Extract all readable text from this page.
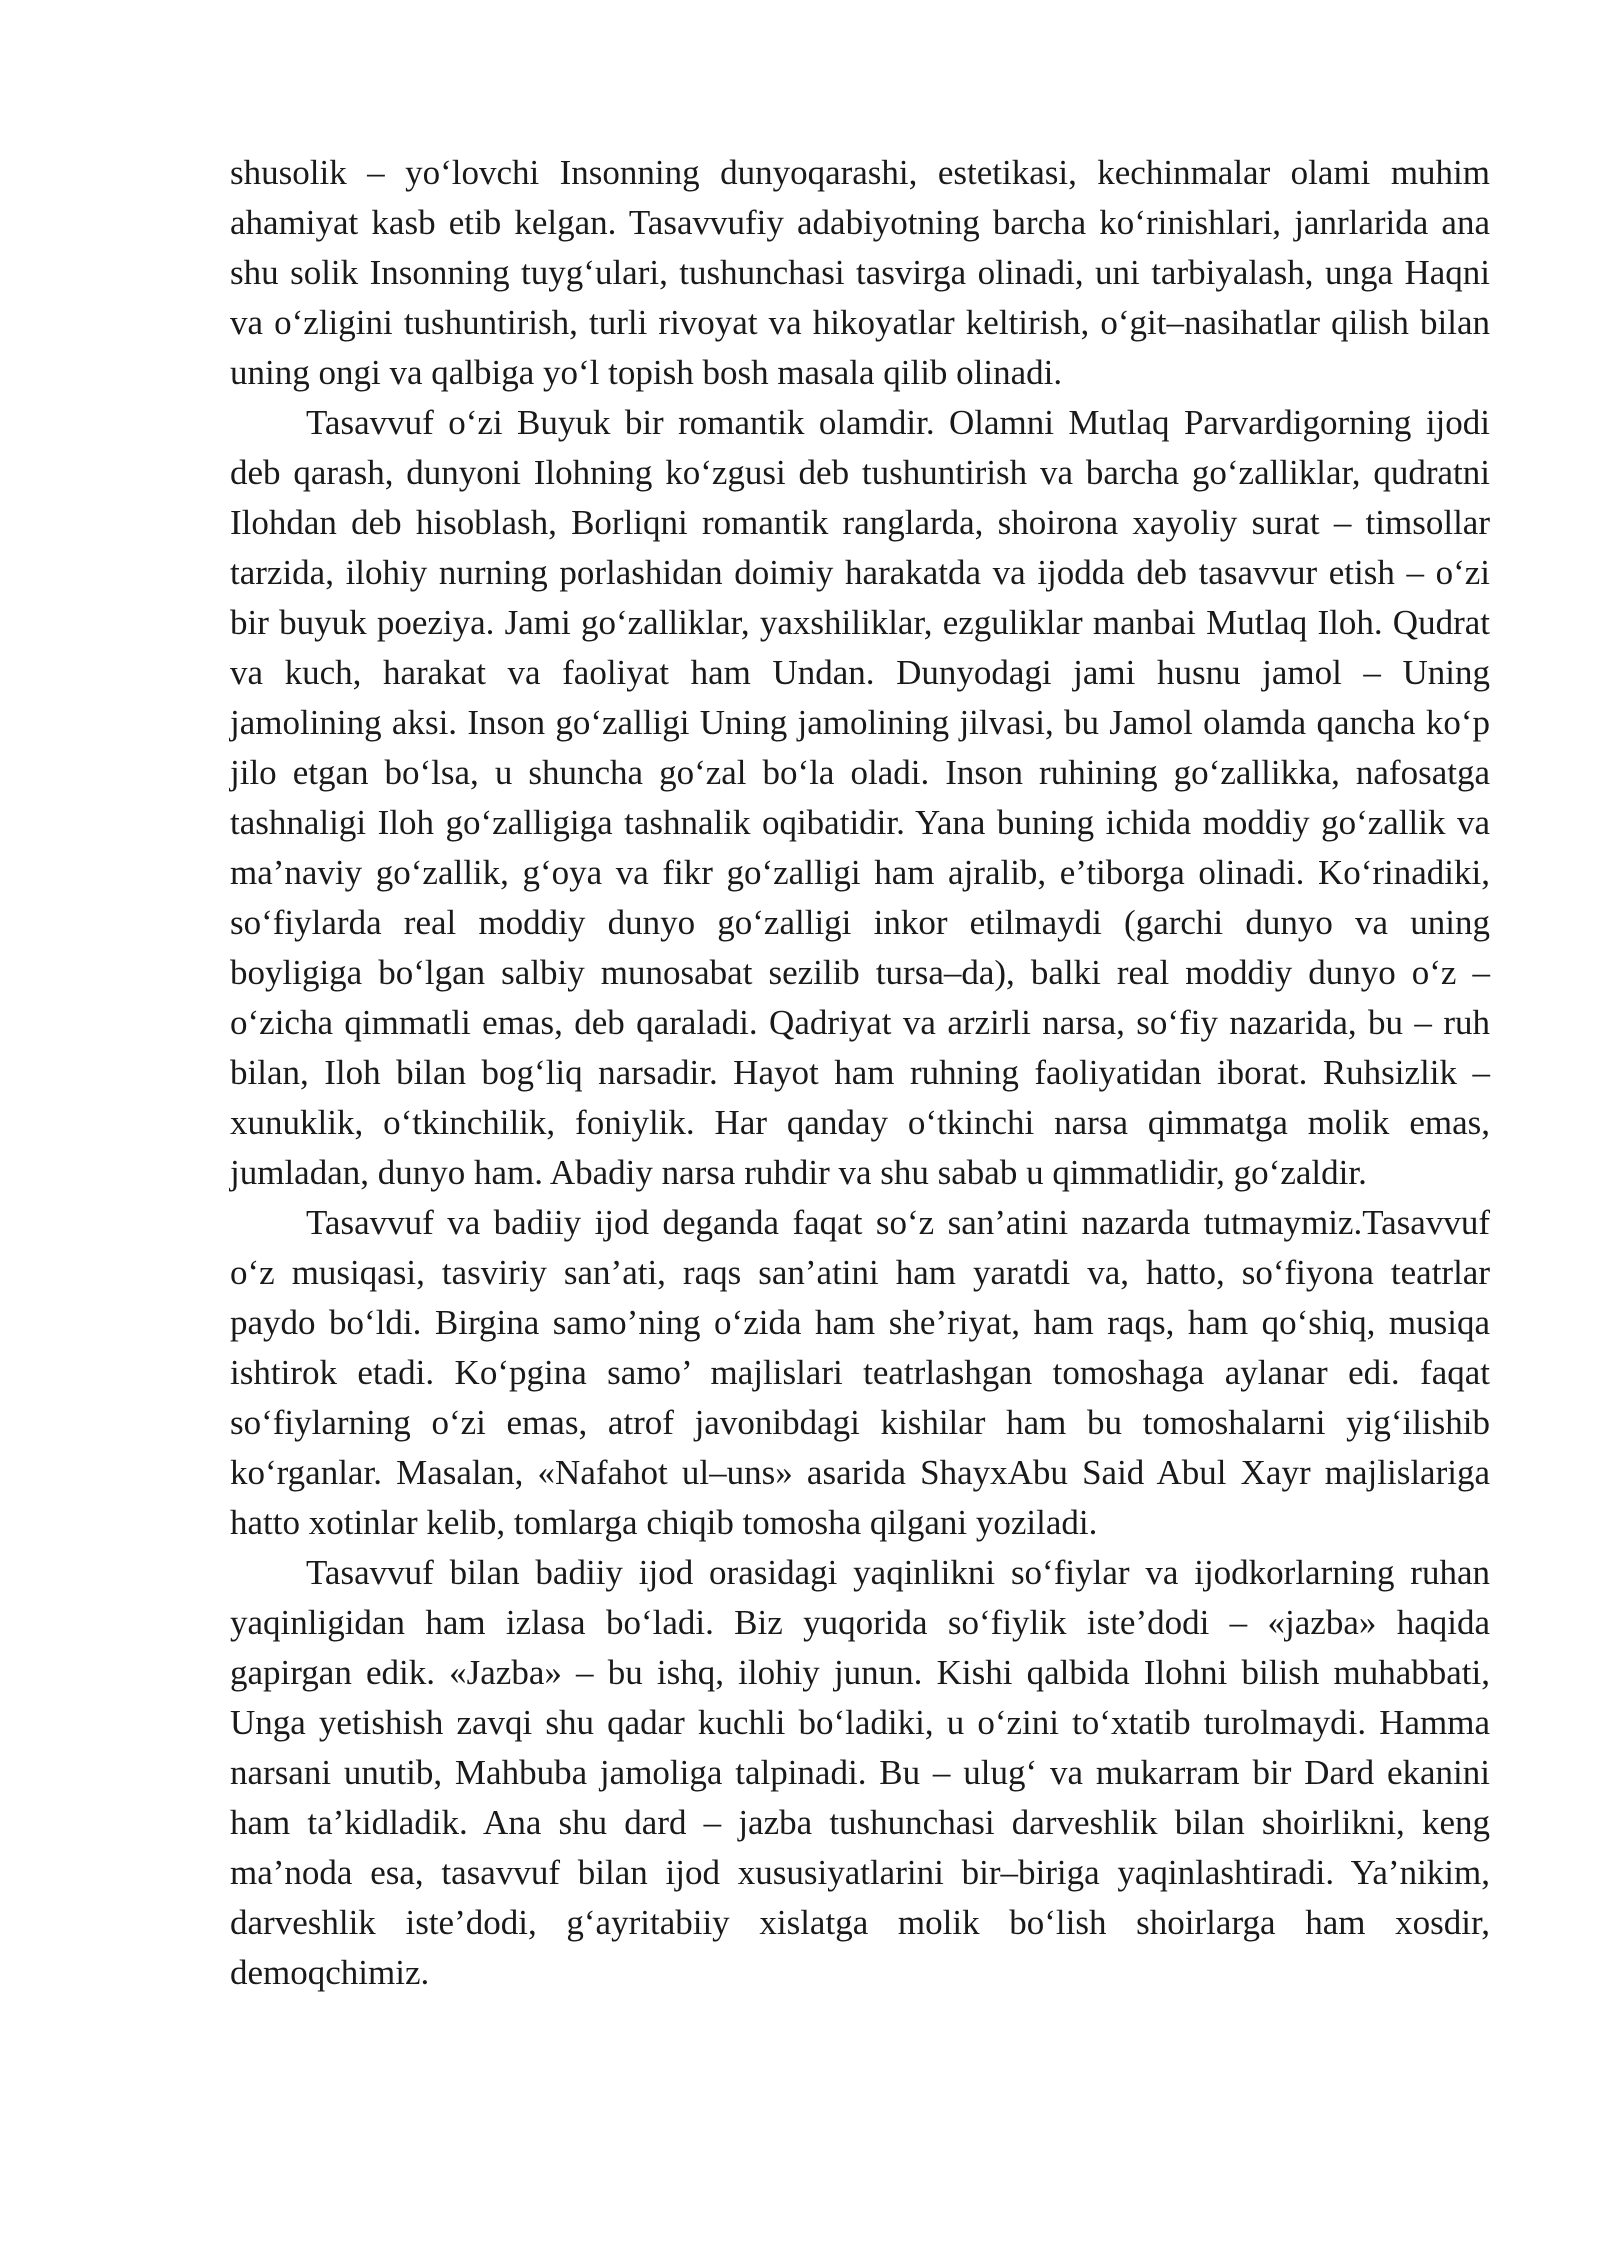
shusolik – yo‘lovchi Insonning dunyoqarashi, estetikasi, kechinmalar olami muhim ahamiyat kasb etib kelgan. Tasavvufiy adabiyotning barcha ko‘rinishlari, janrlarida ana shu solik Insonning tuyg‘ulari, tushunchasi tasvirga olinadi, uni tarbiyalash, unga Haqni va o‘zligini tushuntirish, turli rivoyat va hikoyatlar keltirish, o‘git–nasihatlar qilish bilan uning ongi va qalbiga yo‘l topish bosh masala qilib olinadi.

Tasavvuf o‘zi Buyuk bir romantik olamdir. Olamni Mutlaq Parvardigorning ijodi deb qarash, dunyoni Ilohning ko‘zgusi deb tushuntirish va barcha go‘zalliklar, qudratni Ilohdan deb hisoblash, Borliqni romantik ranglarda, shoirona xayoliy surat – timsollar tarzida, ilohiy nurning porlashidan doimiy harakatda va ijodda deb tasavvur etish – o‘zi bir buyuk poeziya. Jami go‘zalliklar, yaxshiliklar, ezguliklar manbai Mutlaq Iloh. Qudrat va kuch, harakat va faoliyat ham Undan. Dunyodagi jami husnu jamol – Uning jamolining aksi. Inson go‘zalligi Uning jamolining jilvasi, bu Jamol olamda qancha ko‘p jilo etgan bo‘lsa, u shuncha go‘zal bo‘la oladi. Inson ruhining go‘zallikka, nafosatga tashnaligi Iloh go‘zalligiga tashnalik oqibatidir. Yana buning ichida moddiy go‘zallik va ma’naviy go‘zallik, g‘oya va fikr go‘zalligi ham ajralib, e’tiborga olinadi. Ko‘rinadiki, so‘fiylarda real moddiy dunyo go‘zalligi inkor etilmaydi (garchi dunyo va uning boyligiga bo‘lgan salbiy munosabat sezilib tursa–da), balki real moddiy dunyo o‘z – o‘zicha qimmatli emas, deb qaraladi. Qadriyat va arzirli narsa, so‘fiy nazarida, bu – ruh bilan, Iloh bilan bog‘liq narsadir. Hayot ham ruhning faoliyatidan iborat. Ruhsizlik – xunuklik, o‘tkinchilik, foniylik. Har qanday o‘tkinchi narsa qimmatga molik emas, jumladan, dunyo ham. Abadiy narsa ruhdir va shu sabab u qimmatlidir, go‘zaldir.

Tasavvuf va badiiy ijod deganda faqat so‘z san’atini nazarda tutmaymiz.Tasavvuf o‘z musiqasi, tasviriy san’ati, raqs san’atini ham yaratdi va, hatto, so‘fiyona teatrlar paydo bo‘ldi. Birgina samo’ning o‘zida ham she’riyat, ham raqs, ham qo‘shiq, musiqa ishtirok etadi. Ko‘pgina samo’ majlislari teatrlashgan tomoshaga aylanar edi. faqat so‘fiylarning o‘zi emas, atrof javonibdagi kishilar ham bu tomoshalarni yig‘ilishib ko‘rganlar. Masalan, «Nafahot ul–uns» asarida ShayxAbu Said Abul Xayr majlislariga hatto xotinlar kelib, tomlarga chiqib tomosha qilgani yoziladi.

Tasavvuf bilan badiiy ijod orasidagi yaqinlikni so‘fiylar va ijodkorlarning ruhan yaqinligidan ham izlasa bo‘ladi. Biz yuqorida so‘fiylik iste’dodi – «jazba» haqida gapirgan edik. «Jazba» – bu ishq, ilohiy junun. Kishi qalbida Ilohni bilish muhabbati, Unga yetishish zavqi shu qadar kuchli bo‘ladiki, u o‘zini to‘xtatib turolmaydi. Hamma narsani unutib, Mahbuba jamoliga talpinadi. Bu – ulug‘ va mukarram bir Dard ekanini ham ta’kidladik. Ana shu dard – jazba tushunchasi darveshlik bilan shoirlikni, keng ma’noda esa, tasavvuf bilan ijod xususiyatlarini bir–biriga yaqinlashtiradi. Ya’nikim, darveshlik iste’dodi, g‘ayritabiiy xislatga molik bo‘lish shoirlarga ham xosdir, demoqchimiz.
